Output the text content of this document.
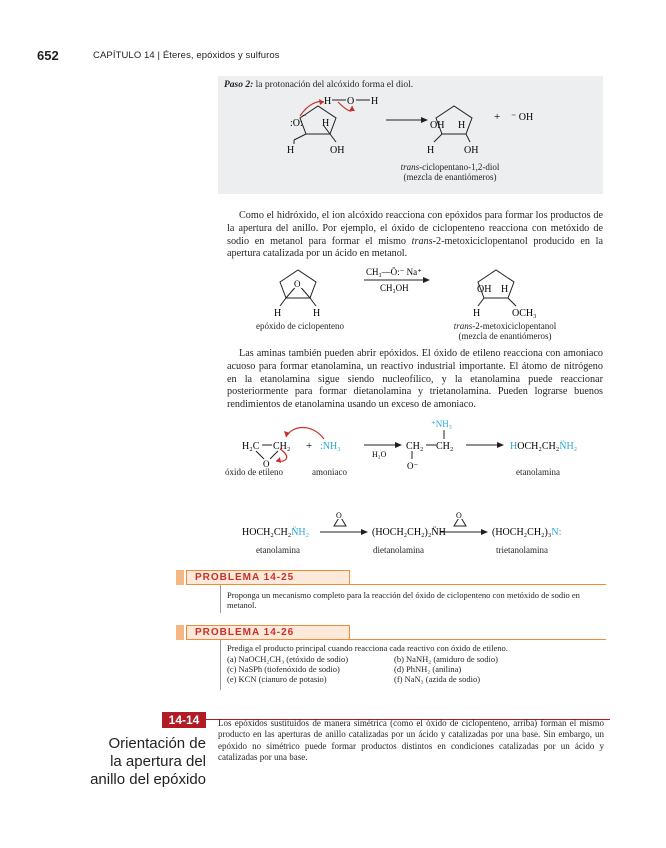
652	CAPÍTULO 14 | Éteres, epóxidos y sulfuros
Paso 2: la protonación del alcóxido forma el diol.
H	OH
:O:
−
H
H O H
OH H
H	OH
+ ⁻ OH
trans-ciclopentano-1,2-diol
(mezcla de enantiómeros)

Como el hidróxido, el ion alcóxido reacciona con epóxidos para formar los productos de la apertura del anillo. Por ejemplo, el óxido de ciclopenteno reacciona con metóxido de sodio en metanol para formar el mismo trans-2-metoxiciclopentanol producido en la apertura catalizada por un ácido en metanol.

O
H	H
CH₃—Ö:⁻ Na⁺
CH₃OH	OH H
H	OCH₃
epóxido de ciclopenteno	trans-2-metoxiciclopentanol
(mezcla de enantiómeros)

Las aminas también pueden abrir epóxidos. El óxido de etileno reacciona con amoniaco acuoso para formar etanolamina, un reactivo industrial importante. El átomo de nitrógeno en la etanolamina sigue siendo nucleofílico, y la etanolamina puede reaccionar posteriormente para formar dietanolamina y trietanolamina. Pueden lograrse buenos rendimientos de etanolamina usando un exceso de amoniaco.

H₂C CH₂
O
+ :NH₃
H₂O
⁺NH₃
CH₂ CH₂
O⁻
HOCH₂CH₂N̈H₂
óxido de etileno	amoniaco	etanolamina
HOCH₂CH₂N̈H₂
O
(HOCH₂CH₂)₂N̈H
O
(HOCH₂CH₂)₃N:
etanolamina	dietanolamina	trietanolamina
PROBLEMA 14-25

Proponga un mecanismo completo para la reacción del óxido de ciclopenteno con metóxido de sodio en metanol.

PROBLEMA 14-26

Prediga el producto principal cuando reacciona cada reactivo con óxido de etileno.

(a) NaOCH₂CH₃ (etóxido de sodio)	(b) NaNH₂ (amiduro de sodio)
(c) NaSPh (tiofenóxido de sodio)	(d) PhNH₂ (anilina)
(e) KCN (cianuro de potasio)	(f) NaN₃ (azida de sodio)
14-14
Orientación de
la apertura del
anillo del epóxido

Los epóxidos sustituidos de manera simétrica (como el óxido de ciclopenteno, arriba) forman el mismo producto en las aperturas de anillo catalizadas por un ácido y catalizadas por una base. Sin embargo, un epóxido no simétrico puede formar productos distintos en condiciones catalizadas por un ácido y catalizadas por una base.
